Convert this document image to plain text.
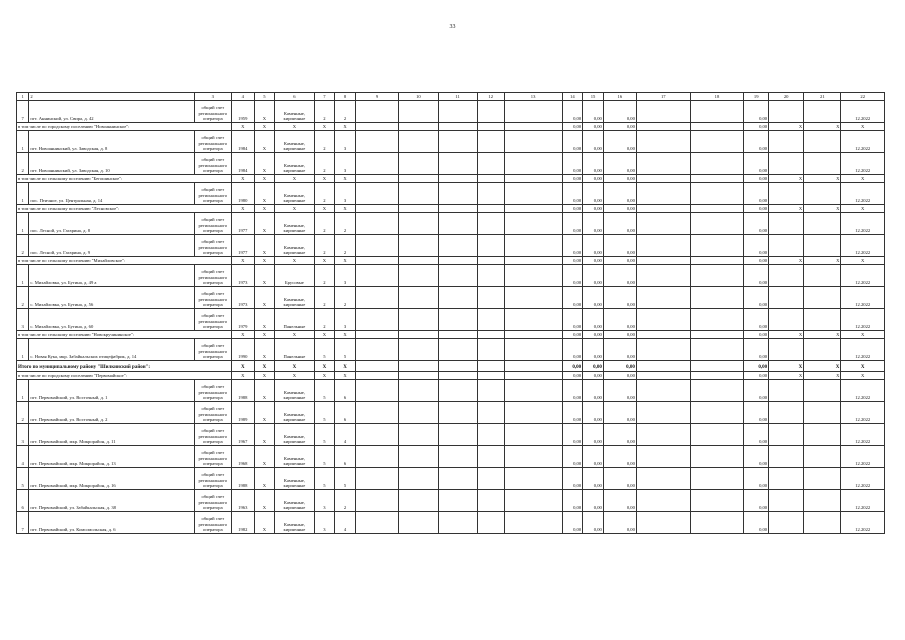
33
1	2	3	4	5	6	7	8	9	10	11	12	13	14	15	16	17	18	19	20	21	22
7	пгт. Аннинский, ул. Свира, д. 42	общий счет регионального оператора	1959	Х	Каменные, кирпичные	2	2						0,00	0,00	0,00			0,00			12.2022
в том числе по городскому поселению "Новоаннинское":			Х	Х	Х	Х	Х						0,00	0,00	0,00			0,00	Х	Х	Х
1	пгт. Новоаннинский, ул. Заводская, д. 8	общий счет регионального оператора	1984	Х	Каменные, кирпичные	2	3						0,00	0,00	0,00			0,00			12.2022
2	пгт. Новоаннинский, ул. Заводская, д. 10	общий счет регионального оператора	1984	Х	Каменные, кирпичные	2	3						0,00	0,00	0,00			0,00			12.2022
в том числе по сельскому поселению "Бегошинское":			Х	Х	Х	Х	Х						0,00	0,00	0,00			0,00	Х	Х	Х
1	пос. Птичное, ул. Центральная, д. 14	общий счет регионального оператора	1980	Х	Каменные, кирпичные	2	3						0,00	0,00	0,00			0,00			12.2022
в том числе по сельскому поселению "Лесновское":			Х	Х	Х	Х	Х						0,00	0,00	0,00			0,00	Х	Х	Х
1	пос. Лесной, ул. Гагарина, д. 8	общий счет регионального оператора	1977	Х	Каменные, кирпичные	2	2						0,00	0,00	0,00			0,00			12.2022
2	пос. Лесной, ул. Гагарина, д. 9	общий счет регионального оператора	1977	Х	Каменные, кирпичные	2	2						0,00	0,00	0,00			0,00			12.2022
в том числе по сельскому поселению "Михайловское":			Х	Х	Х	Х	Х						0,00	0,00	0,00			0,00	Х	Х	Х
1	с. Михайловка, ул. Бутина, д. 49 а	общий счет регионального оператора	1973	Х	Брусовые	2	3						0,00	0,00	0,00			0,00			12.2022
2	с. Михайловка, ул. Бутина, д. 56	общий счет регионального оператора	1973	Х	Каменные, кирпичные	2	2						0,00	0,00	0,00			0,00			12.2022
3	с. Михайловка, ул. Бутина, д. 60	общий счет регионального оператора	1979	Х	Панельные	2	3						0,00	0,00	0,00			0,00			12.2022
в том числе по сельскому поселению "Новокручининское":			Х	Х	Х	Х	Х						0,00	0,00	0,00			0,00	Х	Х	Х
1	с. Новая Кука, мкр. Забайкальских птицефабрик, д. 14	общий счет регионального оператора	1990	Х	Панельные	5	5						0,00	0,00	0,00			0,00			12.2022
Итого по муниципальному району "Шилкинский район":			Х	Х	Х	Х	Х						0,00	0,00	0,00			0,00	Х	Х	Х
в том числе по городскому поселению "Первомайское":			Х	Х	Х	Х	Х						0,00	0,00	0,00			0,00	Х	Х	Х
1	пгт. Первомайский, ул. Восточный, д. 1	общий счет регионального оператора	1988	Х	Каменные, кирпичные	5	6						0,00	0,00	0,00			0,00			12.2022
2	пгт. Первомайский, ул. Восточный, д. 2	общий счет регионального оператора	1989	Х	Каменные, кирпичные	5	6						0,00	0,00	0,00			0,00			12.2022
3	пгт. Первомайский, мкр. Микрорайон, д. 11	общий счет регионального оператора	1967	Х	Каменные, кирпичные	5	4						0,00	0,00	0,00			0,00			12.2022
4	пгт. Первомайский, мкр. Микрорайон, д. 13	общий счет регионального оператора	1968	Х	Каменные, кирпичные	5	6						0,00	0,00	0,00			0,00			12.2022
5	пгт. Первомайский, мкр. Микрорайон, д. 16	общий счет регионального оператора	1988	Х	Каменные, кирпичные	5	5						0,00	0,00	0,00			0,00			12.2022
6	пгт. Первомайский, ул. Забайкальская, д. 38	общий счет регионального оператора	1963	Х	Каменные, кирпичные	3	2						0,00	0,00	0,00			0,00			12.2022
7	пгт. Первомайский, ул. Комсомольская, д. 6	общий счет регионального оператора	1982	Х	Каменные, кирпичные	3	4						0,00	0,00	0,00			0,00			12.2022
